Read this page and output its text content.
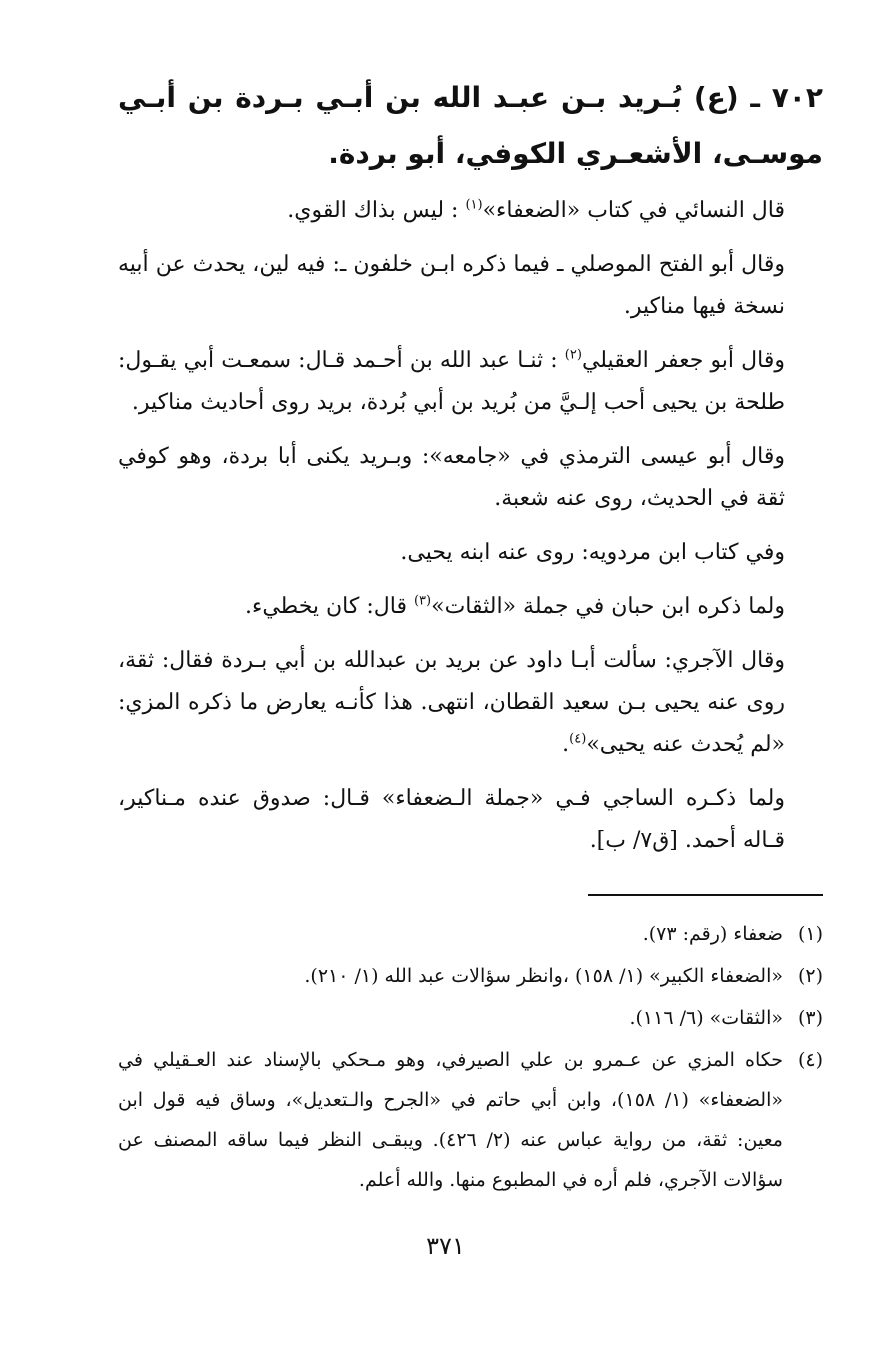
٧٠٢ ـ (ع) بُـريد بـن عبـد الله بن أبـي بـردة بن أبـي موسـى، الأشعـري الكوفي، أبو بردة.
قال النسائي في كتاب «الضعفاء»$^{(١)}$ : ليس بذاك القوي.
وقال أبو الفتح الموصلي ـ فيما ذكره ابـن خلفون ـ: فيه لين، يحدث عن أبيه نسخة فيها مناكير.
وقال أبو جعفر العقيلي$^{(٢)}$ : ثنـا عبد الله بن أحـمد قـال: سمعـت أبي يقـول: طلحة بن يحيى أحب إلـيَّ من بُريد بن أبي بُردة، بريد روى أحاديث مناكير.
وقال أبو عيسى الترمذي في «جامعه»: وبـريد يكنى أبا بردة، وهو كوفي ثقة في الحديث، روى عنه شعبة.
وفي كتاب ابن مردويه: روى عنه ابنه يحيى.
ولما ذكره ابن حبان في جملة «الثقات»$^{(٣)}$ قال: كان يخطيء.
وقال الآجري: سألت أبـا داود عن بريد بن عبدالله بن أبي بـردة فقال: ثقة، روى عنه يحيى بـن سعيد القطان، انتهى. هذا كأنـه يعارض ما ذكره المزي: «لم يُحدث عنه يحيى»$^{(٤)}$.
ولما ذكـره الساجي فـي «جملة الـضعفاء» قـال: صدوق عنده مـناكير، قـاله أحمد. [ق٧/ ب].
(١)
ضعفاء (رقم: ٧٣).
(٢)
«الضعفاء الكبير» (١/ ١٥٨) ،وانظر سؤالات عبد الله (١/ ٢١٠).
(٣)
«الثقات» (٦/ ١١٦).
(٤)
حكاه المزي عن عـمرو بن علي الصيرفي، وهو مـحكي بالإسناد عند العـقيلي في «الضعفاء» (١/ ١٥٨)، وابن أبي حاتم في «الجرح والـتعديل»، وساق فيه قول ابن معين: ثقة، من رواية عباس عنه (٢/ ٤٢٦). ويبقـى النظر فيما ساقه المصنف عن سؤالات الآجري، فلم أره في المطبوع منها. والله أعلم.
٣٧١
